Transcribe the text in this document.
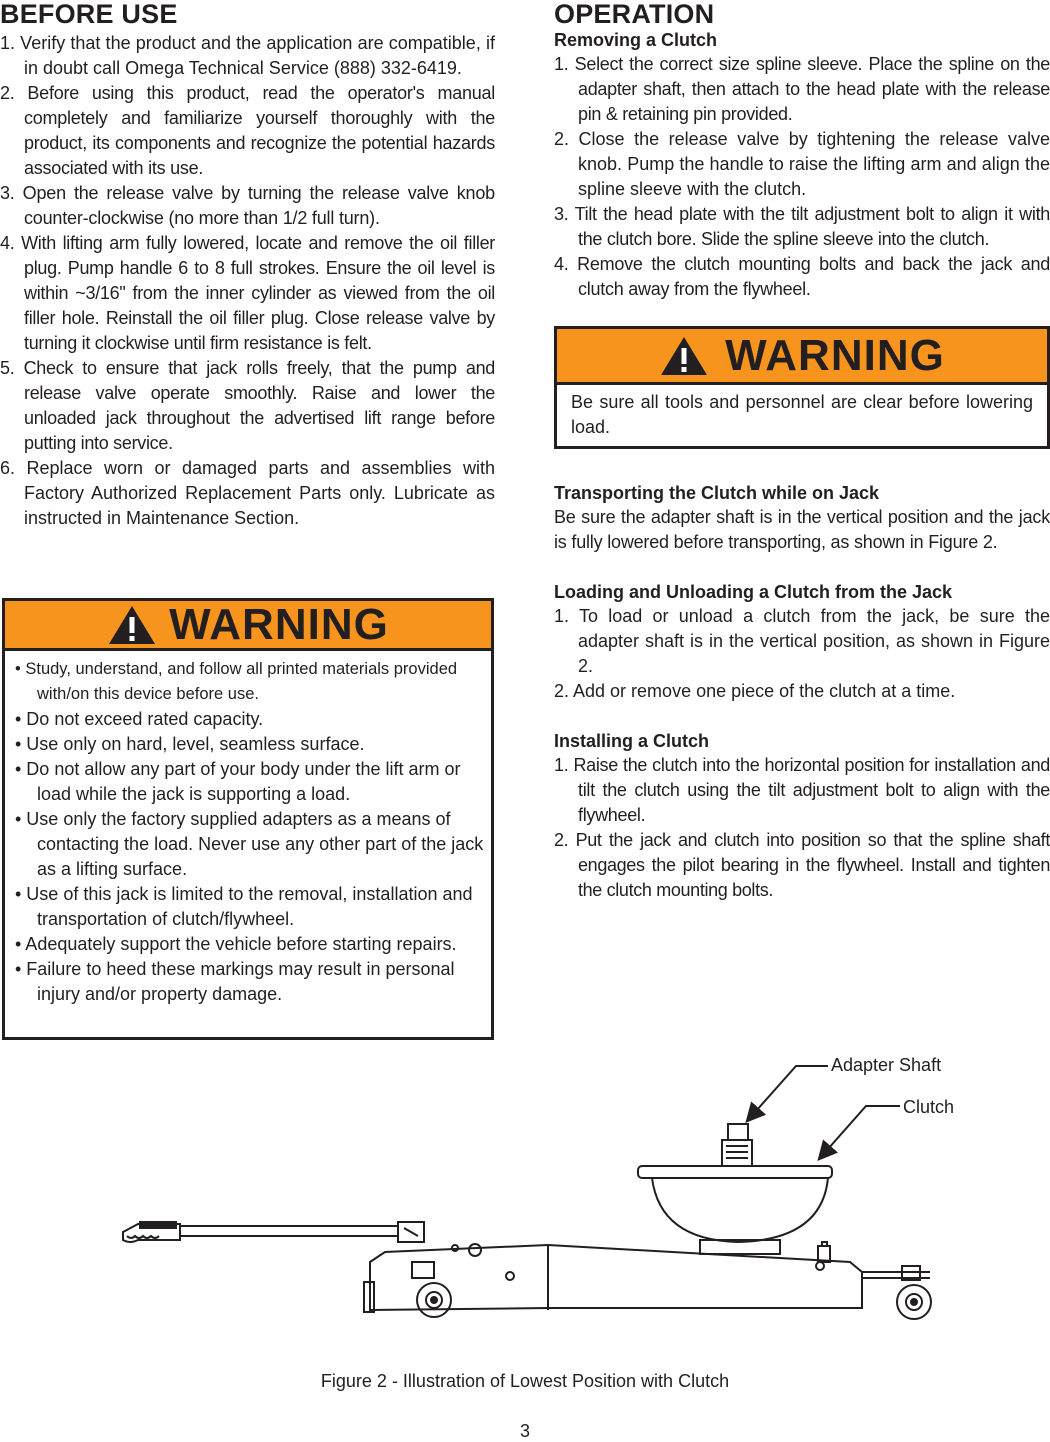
BEFORE USE
1. Verify that the product and the application are compatible, if in doubt call Omega Technical Service (888) 332-6419.
2. Before using this product, read the operator's manual completely and familiarize yourself thoroughly with the product, its components and recognize the potential hazards associated with its use.
3. Open the release valve by turning the release valve knob counter-clockwise (no more than 1/2 full turn).
4. With lifting arm fully lowered, locate and remove the oil filler plug. Pump handle 6 to 8 full strokes. Ensure the oil level is within ~3/16" from the inner cylinder as viewed from the oil filler hole. Reinstall the oil filler plug. Close release valve by turning it clockwise until firm resistance is felt.
5. Check to ensure that jack rolls freely, that the pump and release valve operate smoothly. Raise and lower the unloaded jack throughout the advertised lift range before putting into service.
6. Replace worn or damaged parts and assemblies with Factory Authorized Replacement Parts only. Lubricate as instructed in Maintenance Section.
WARNING
• Study, understand, and follow all printed materials provided with/on this device before use.
• Do not exceed rated capacity.
• Use only on hard, level, seamless surface.
• Do not allow any part of your body under the lift arm or load while the jack is supporting a load.
• Use only the factory supplied adapters as a means of contacting the load. Never use any other part of the jack as a lifting surface.
• Use of this jack is limited to the removal, installation and transportation of clutch/flywheel.
• Adequately support the vehicle before starting repairs.
• Failure to heed these markings may result in personal injury and/or property damage.
OPERATION
Removing a Clutch
1. Select the correct size spline sleeve. Place the spline on the adapter shaft, then attach to the head plate with the release pin & retaining pin provided.
2. Close the release valve by tightening the release valve knob. Pump the handle to raise the lifting arm and align the spline sleeve with the clutch.
3. Tilt the head plate with the tilt adjustment bolt to align it with the clutch bore. Slide the spline sleeve into the clutch.
4. Remove the clutch mounting bolts and back the jack and clutch away from the flywheel.
WARNING

Be sure all tools and personnel are clear before lowering load.

Transporting the Clutch while on Jack

Be sure the adapter shaft is in the vertical position and the jack is fully lowered before transporting, as shown in Figure 2.

Loading and Unloading a Clutch from the Jack
1. To load or unload a clutch from the jack, be sure the adapter shaft is in the vertical position, as shown in Figure 2.
2. Add or remove one piece of the clutch at a time.
Installing a Clutch
1. Raise the clutch into the horizontal position for installation and tilt the clutch using the tilt adjustment bolt to align with the flywheel.
2. Put the jack and clutch into position so that the spline shaft engages the pilot bearing in the flywheel. Install and tighten the clutch mounting bolts.
Adapter Shaft
Clutch
Figure 2 - Illustration of Lowest Position with Clutch
3
